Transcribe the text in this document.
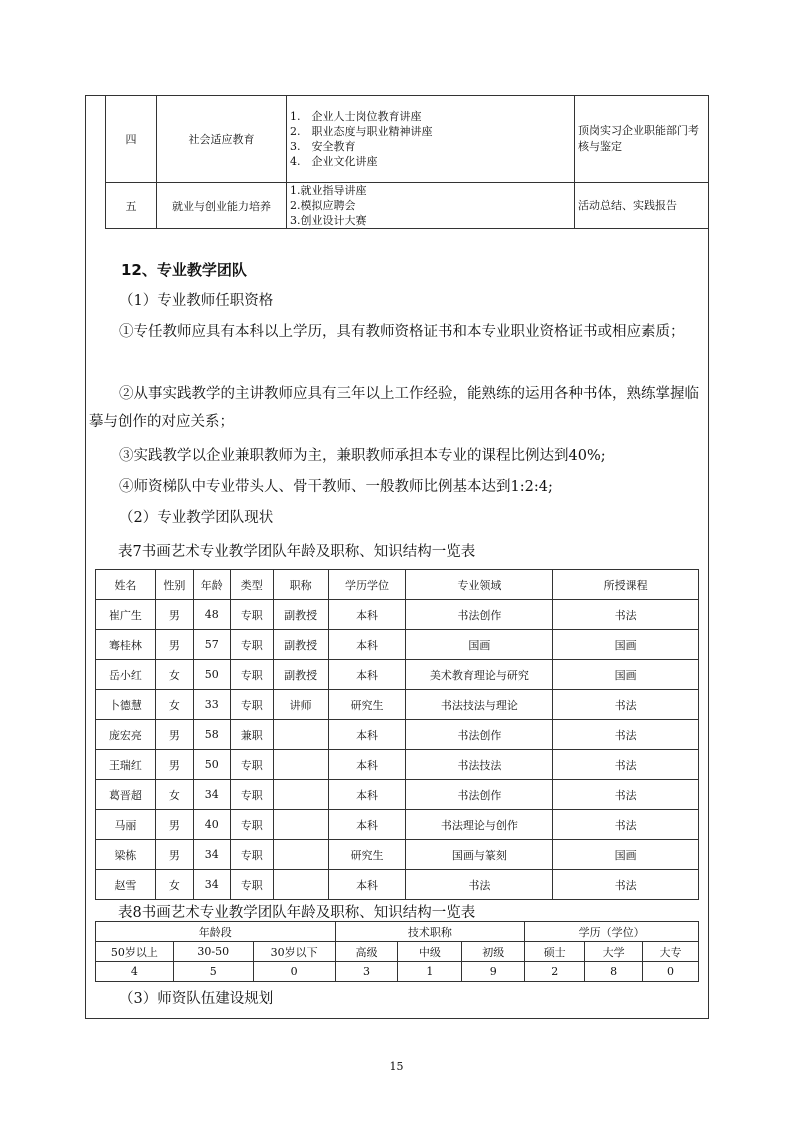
四	社会适应教育	1.　企业人士岗位教育讲座
2.　职业态度与职业精神讲座
3.　安全教育
4.　企业文化讲座	顶岗实习企业职能部门考核与鉴定
五	就业与创业能力培养	1.就业指导讲座
2.模拟应聘会
3.创业设计大赛	活动总结、实践报告
12、专业教学团队
（1）专业教师任职资格
①专任教师应具有本科以上学历，具有教师资格证书和本专业职业资格证书或相应素质；
②从事实践教学的主讲教师应具有三年以上工作经验，能熟练的运用各种书体，熟练掌握临摹与创作的对应关系；
③实践教学以企业兼职教师为主，兼职教师承担本专业的课程比例达到40%;
④师资梯队中专业带头人、骨干教师、一般教师比例基本达到1:2:4;
（2）专业教学团队现状
表7书画艺术专业教学团队年龄及职称、知识结构一览表
姓名	性别	年龄	类型	职称	学历学位	专业领域	所授课程
崔广生	男	48	专职	副教授	本科	书法创作	书法
骞桂林	男	57	专职	副教授	本科	国画	国画
岳小红	女	50	专职	副教授	本科	美术教育理论与研究	国画
卜德慧	女	33	专职	讲师	研究生	书法技法与理论	书法
庞宏亮	男	58	兼职		本科	书法创作	书法
王瑞红	男	50	专职		本科	书法技法	书法
葛晋超	女	34	专职		本科	书法创作	书法
马丽	男	40	专职		本科	书法理论与创作	书法
梁栋	男	34	专职		研究生	国画与篆刻	国画
赵雪	女	34	专职		本科	书法	书法
表8书画艺术专业教学团队年龄及职称、知识结构一览表
年龄段			技术职称			学历（学位）		
50岁以上	30-50	30岁以下	高级	中级	初级	硕士	大学	大专
4	5	0	3	1	9	2	8	0
（3）师资队伍建设规划
15
